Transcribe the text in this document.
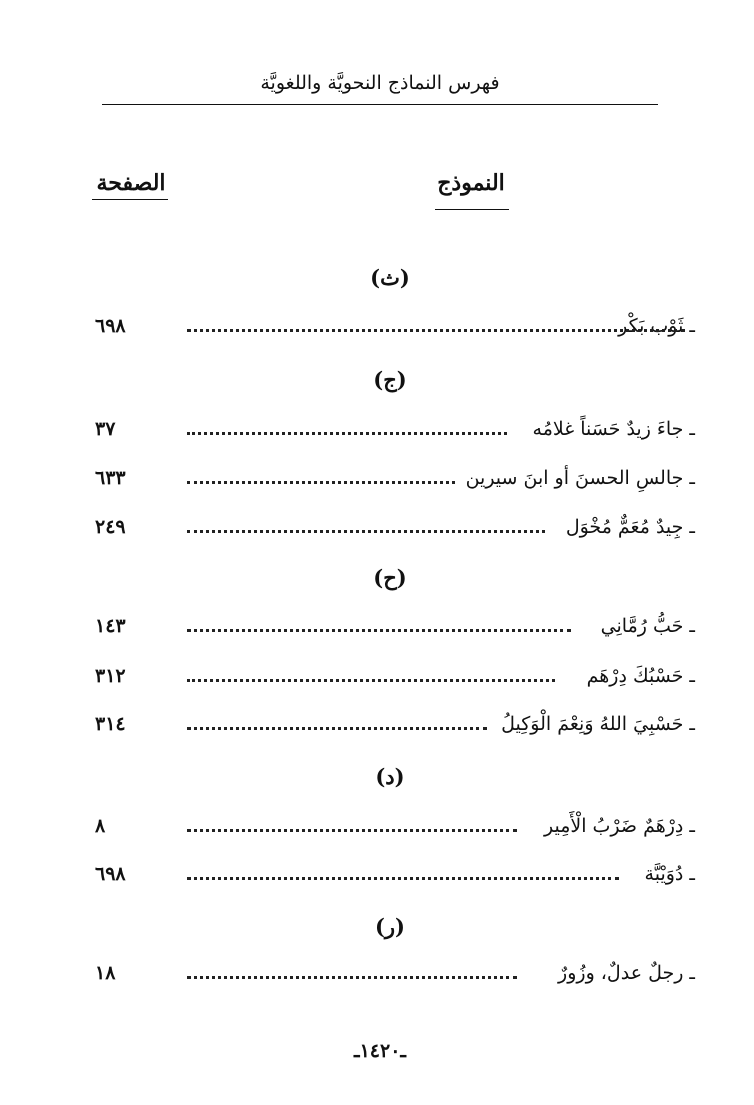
فهرس النماذج النحويَّة واللغويَّة
النموذج
الصفحة
(ث)
ـ ثَوْب بَكْر
٦٩٨
(ج)
ـ جاءَ زيدٌ حَسَناً غلامُه
٣٧
ـ جالسِ الحسنَ أو ابنَ سيرين
٦٣٣
ـ جِيدٌ مُعَمٌّ مُخْوَل
٢٤٩
(ح)
ـ حَبُّ رُمَّانِي
١٤٣
ـ حَسْبُكَ دِرْهَم
٣١٢
ـ حَسْبِيَ اللهُ وَنِعْمَ الْوَكِيلُ
٣١٤
(د)
ـ دِرْهَمٌ ضَرْبُ الْأَمِير
٨
ـ دُوَيْبَّة
٦٩٨
(ر)
ـ رجلٌ عدلٌ، وزُورٌ
١٨
ـ١٤٢٠ـ
